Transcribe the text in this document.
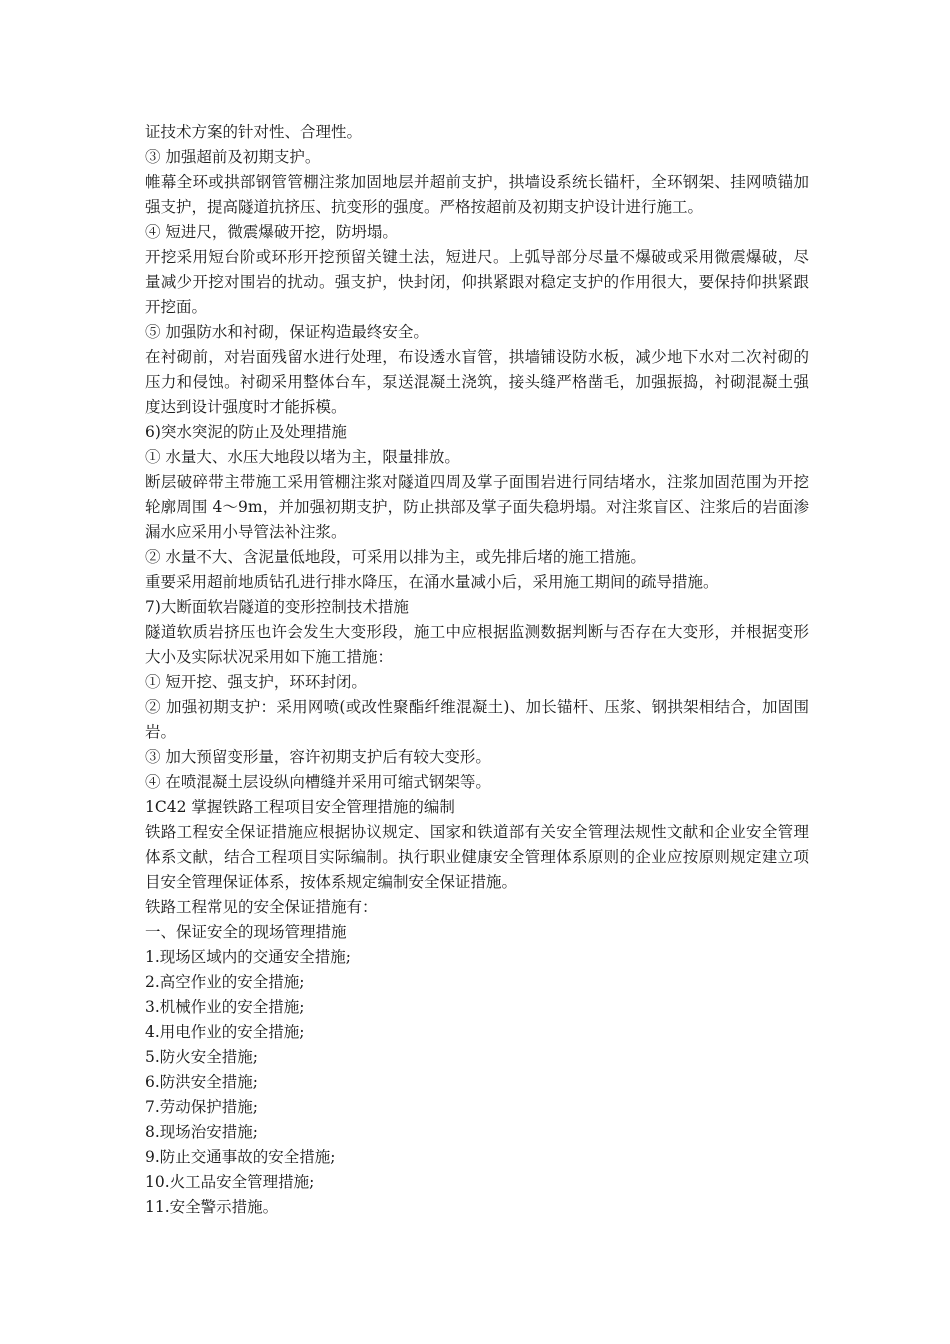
证技术方案的针对性、合理性。

③ 加强超前及初期支护。

帷幕全环或拱部钢管管棚注浆加固地层并超前支护，拱墙设系统长锚杆，全环钢架、挂网喷锚加强支护，提高隧道抗挤压、抗变形的强度。严格按超前及初期支护设计进行施工。

④ 短进尺，微震爆破开挖，防坍塌。

开挖采用短台阶或环形开挖预留关键土法，短进尺。上弧导部分尽量不爆破或采用微震爆破，尽量减少开挖对围岩的扰动。强支护，快封闭，仰拱紧跟对稳定支护的作用很大，要保持仰拱紧跟开挖面。

⑤ 加强防水和衬砌，保证构造最终安全。

在衬砌前，对岩面残留水进行处理，布设透水盲管，拱墙铺设防水板，减少地下水对二次衬砌的压力和侵蚀。衬砌采用整体台车，泵送混凝土浇筑，接头缝严格凿毛，加强振捣，衬砌混凝土强度达到设计强度时才能拆模。

6)突水突泥的防止及处理措施

① 水量大、水压大地段以堵为主，限量排放。

断层破碎带主带施工采用管棚注浆对隧道四周及掌子面围岩进行同结堵水，注浆加固范围为开挖轮廓周围 4～9m，并加强初期支护，防止拱部及掌子面失稳坍塌。对注浆盲区、注浆后的岩面渗漏水应采用小导管法补注浆。

② 水量不大、含泥量低地段，可采用以排为主，或先排后堵的施工措施。

重要采用超前地质钻孔进行排水降压，在涌水量减小后，采用施工期间的疏导措施。

7)大断面软岩隧道的变形控制技术措施

隧道软质岩挤压也许会发生大变形段，施工中应根据监测数据判断与否存在大变形，并根据变形大小及实际状况采用如下施工措施：

① 短开挖、强支护，环环封闭。

② 加强初期支护：采用网喷(或改性聚酯纤维混凝土)、加长锚杆、压浆、钢拱架相结合，加固围岩。

③ 加大预留变形量，容许初期支护后有较大变形。

④ 在喷混凝土层设纵向槽缝并采用可缩式钢架等。

1C42 掌握铁路工程项目安全管理措施的编制

铁路工程安全保证措施应根据协议规定、国家和铁道部有关安全管理法规性文献和企业安全管理体系文献，结合工程项目实际编制。执行职业健康安全管理体系原则的企业应按原则规定建立项目安全管理保证体系，按体系规定编制安全保证措施。

铁路工程常见的安全保证措施有：

一、保证安全的现场管理措施

1.现场区域内的交通安全措施;

2.高空作业的安全措施;

3.机械作业的安全措施;

4.用电作业的安全措施;

5.防火安全措施;

6.防洪安全措施;

7.劳动保护措施;

8.现场治安措施;

9.防止交通事故的安全措施;

10.火工品安全管理措施;

11.安全警示措施。
